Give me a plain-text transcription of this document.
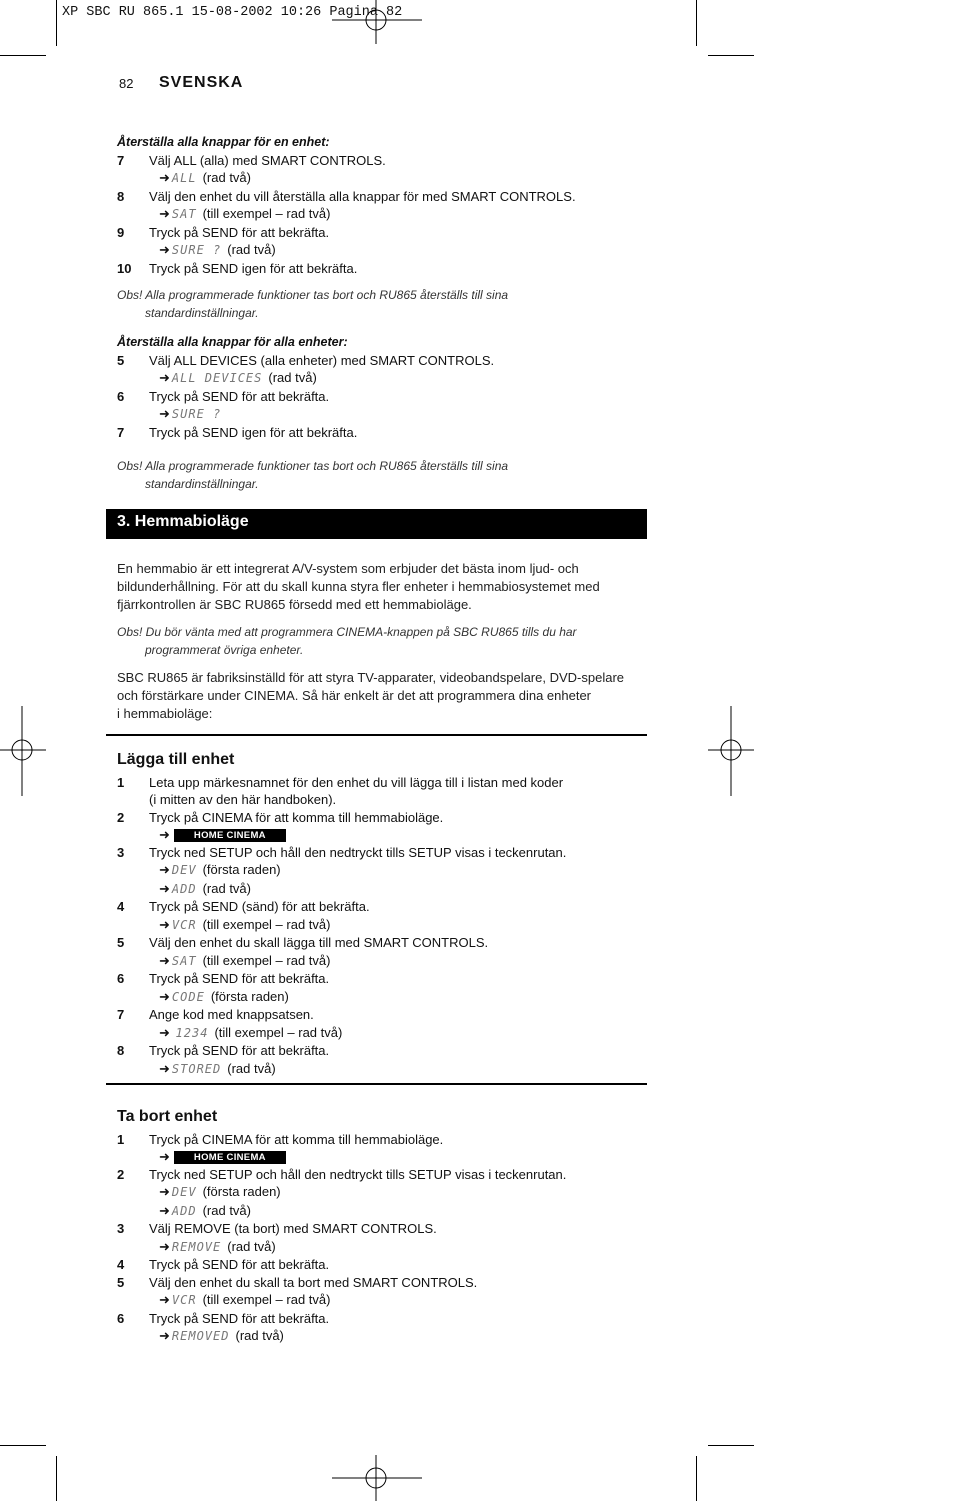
XP SBC RU 865.1 15-08-2002 10:26 Pagina 82
82 SVENSKA
3. Hemmabioläge

Återställa alla knappar för en enhet:

7 Välj ALL (alla) med SMART CONTROLS.
➜ ALL (rad två)
8 Välj den enhet du vill återställa alla knappar för med SMART CONTROLS.
➜ SAT (till exempel – rad två)
9 Tryck på SEND för att bekräfta.
➜ SURE ? (rad två)
10 Tryck på SEND igen för att bekräfta.

Obs! Alla programmerade funktioner tas bort och RU865 återställs till sina
standardinställningar.

Återställa alla knappar för alla enheter:

5 Välj ALL DEVICES (alla enheter) med SMART CONTROLS.
➜ ALL DEVICES (rad två)
6 Tryck på SEND för att bekräfta.
➜ SURE ?
7 Tryck på SEND igen för att bekräfta.

Obs! Alla programmerade funktioner tas bort och RU865 återställs till sina
standardinställningar.

En hemmabio är ett integrerat A/V-system som erbjuder det bästa inom ljud- och
bildunderhållning. För att du skall kunna styra fler enheter i hemmabiosystemet med
fjärrkontrollen är SBC RU865 försedd med ett hemmabioläge.

Obs! Du bör vänta med att programmera CINEMA-knappen på SBC RU865 tills du har
programmerat övriga enheter.

SBC RU865 är fabriksinställd för att styra TV-apparater, videobandspelare, DVD-spelare
och förstärkare under CINEMA. Så här enkelt är det att programmera dina enheter
i hemmabioläge:

Lägga till enhet

1 Leta upp märkesnamnet för den enhet du vill lägga till i listan med koder
(i mitten av den här handboken).
2 Tryck på CINEMA för att komma till hemmabioläge.
➜	HOME CINEMA
3 Tryck ned SETUP och håll den nedtryckt tills SETUP visas i teckenrutan.
➜ DEV (första raden)
➜ ADD (rad två)
4 Tryck på SEND (sänd) för att bekräfta.
➜ VCR (till exempel – rad två)
5 Välj den enhet du skall lägga till med SMART CONTROLS.
➜ SAT (till exempel – rad två)
6 Tryck på SEND för att bekräfta.
➜ CODE (första raden)
7 Ange kod med knappsatsen.
➜ 1234 (till exempel – rad två)
8 Tryck på SEND för att bekräfta.
➜ STORED (rad två)

Ta bort enhet

1 Tryck på CINEMA för att komma till hemmabioläge.
➜	HOME CINEMA
2 Tryck ned SETUP och håll den nedtryckt tills SETUP visas i teckenrutan.
➜ DEV (första raden)
➜ ADD (rad två)
3 Välj REMOVE (ta bort) med SMART CONTROLS.
➜ REMOVE (rad två)
4 Tryck på SEND för att bekräfta.
5 Välj den enhet du skall ta bort med SMART CONTROLS.
➜ VCR (till exempel – rad två)
6 Tryck på SEND för att bekräfta.
➜ REMOVED (rad två)
